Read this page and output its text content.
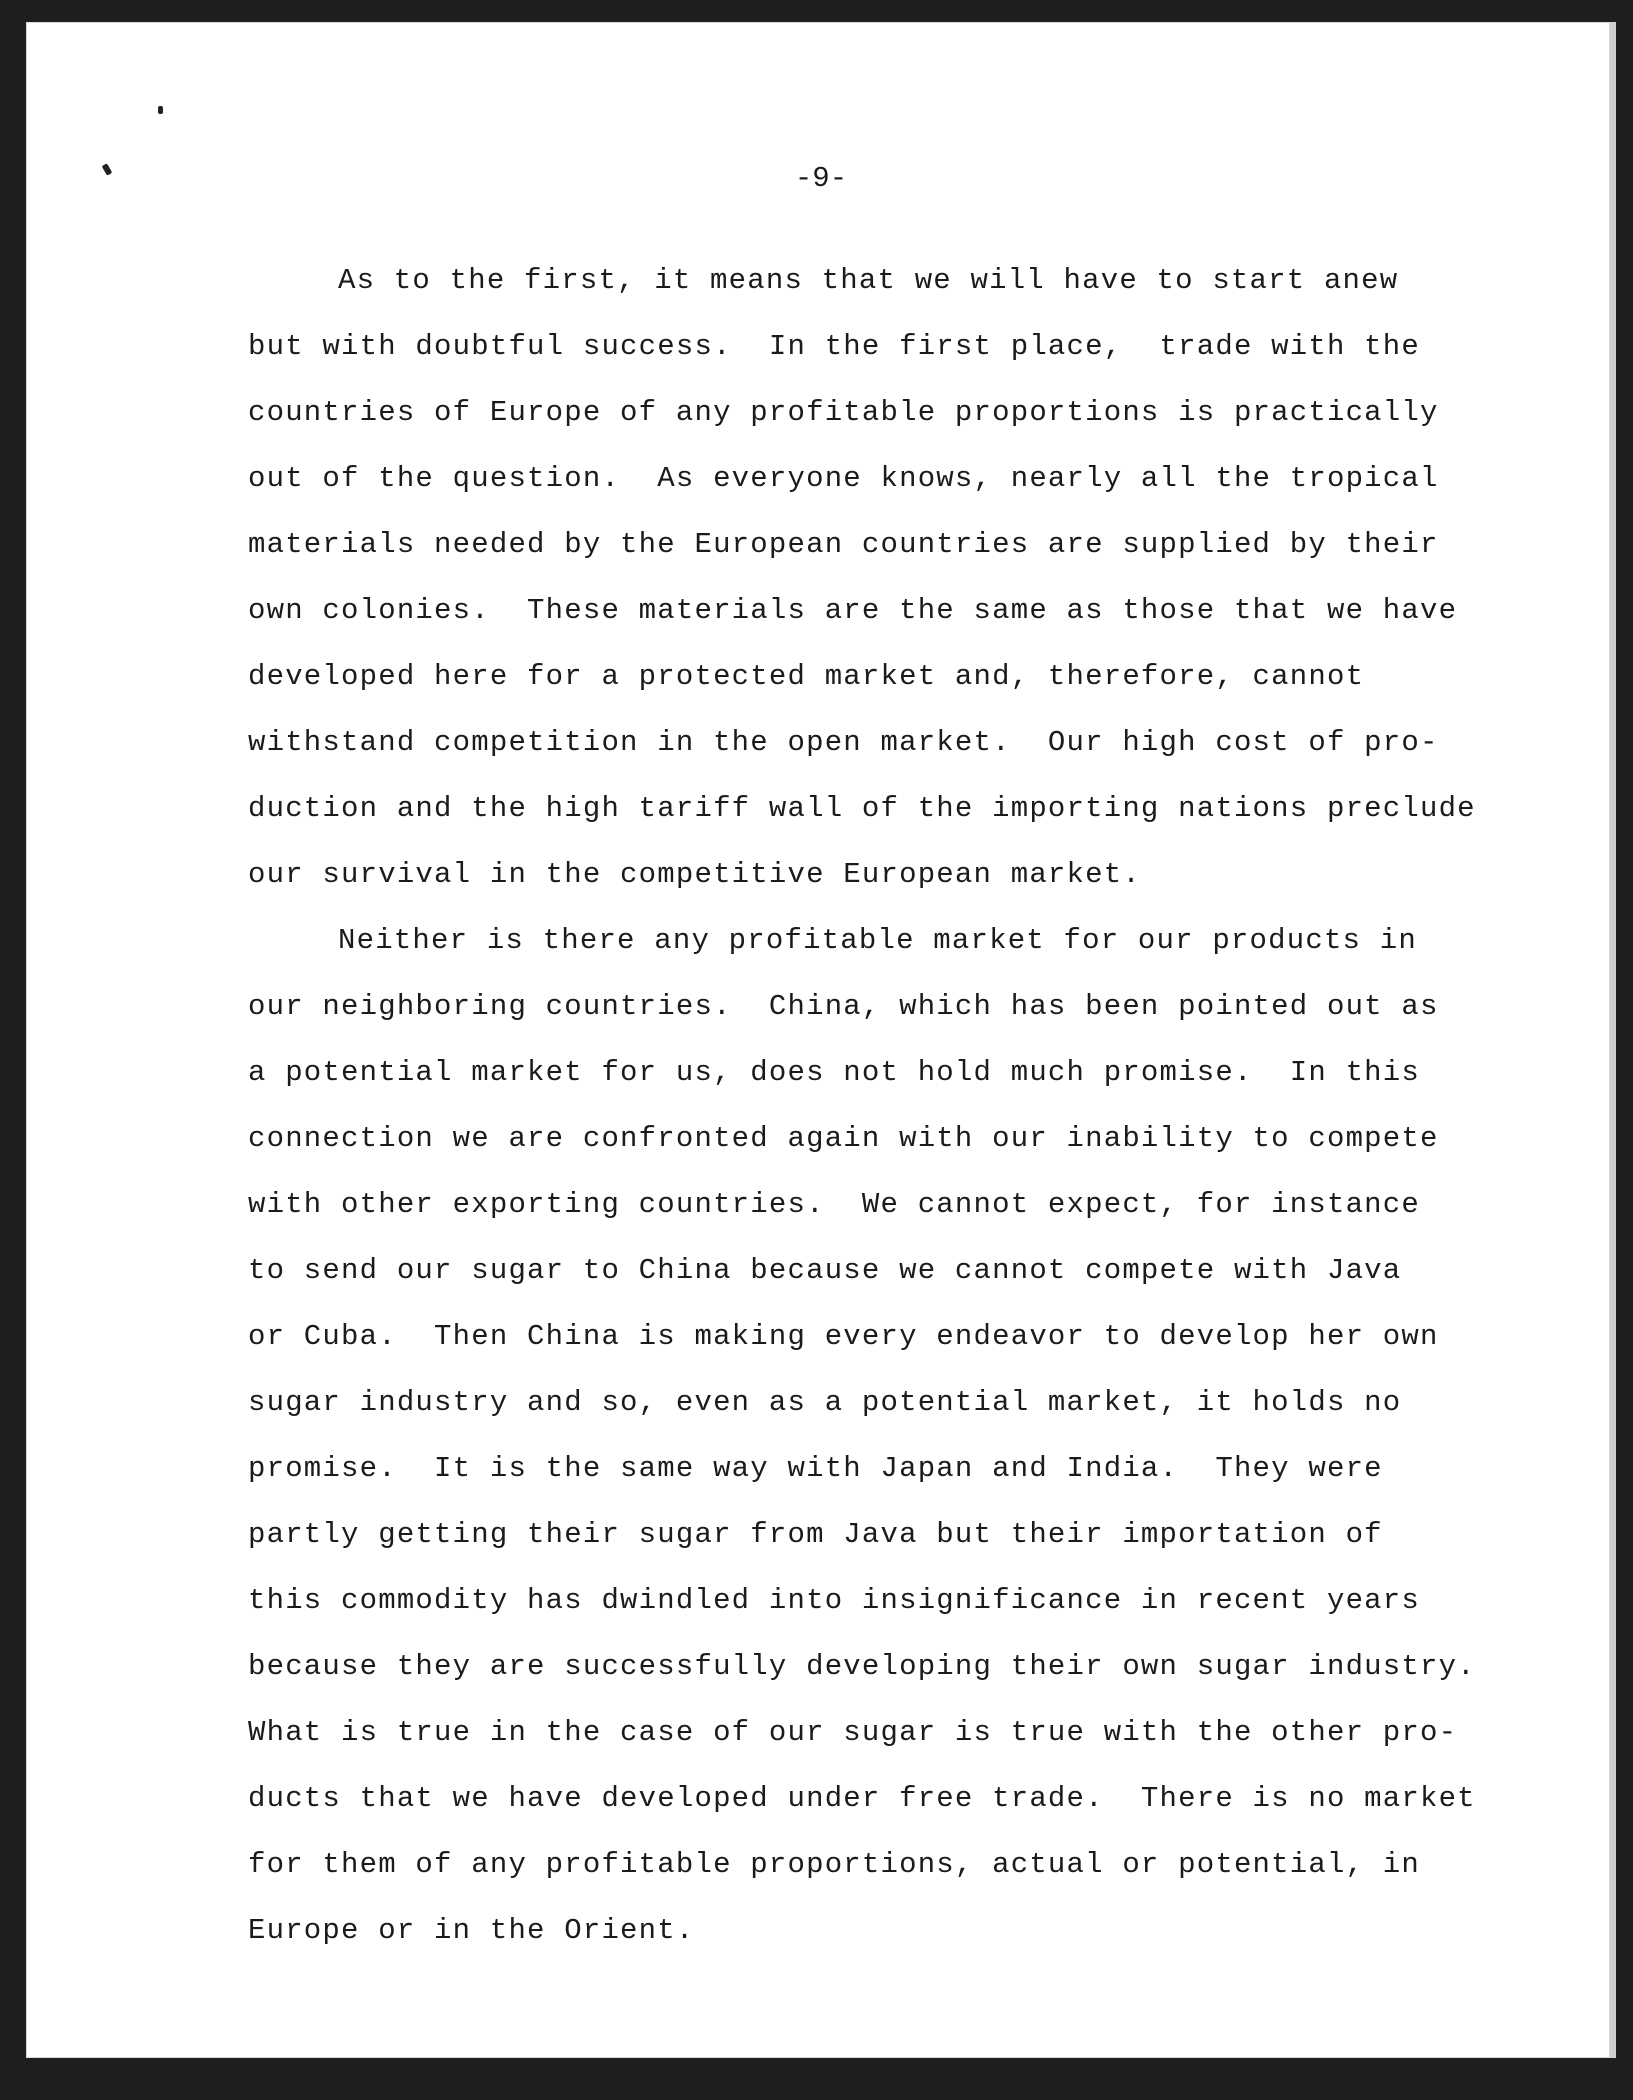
-9-
As to the first, it means that we will have to start anew
but with doubtful success.  In the first place,  trade with the
countries of Europe of any profitable proportions is practically
out of the question.  As everyone knows, nearly all the tropical
materials needed by the European countries are supplied by their
own colonies.  These materials are the same as those that we have
developed here for a protected market and, therefore, cannot
withstand competition in the open market.  Our high cost of pro-
duction and the high tariff wall of the importing nations preclude
our survival in the competitive European market.
Neither is there any profitable market for our products in
our neighboring countries.  China, which has been pointed out as
a potential market for us, does not hold much promise.  In this
connection we are confronted again with our inability to compete
with other exporting countries.  We cannot expect, for instance
to send our sugar to China because we cannot compete with Java
or Cuba.  Then China is making every endeavor to develop her own
sugar industry and so, even as a potential market, it holds no
promise.  It is the same way with Japan and India.  They were
partly getting their sugar from Java but their importation of
this commodity has dwindled into insignificance in recent years
because they are successfully developing their own sugar industry.
What is true in the case of our sugar is true with the other pro-
ducts that we have developed under free trade.  There is no market
for them of any profitable proportions, actual or potential, in
Europe or in the Orient.
